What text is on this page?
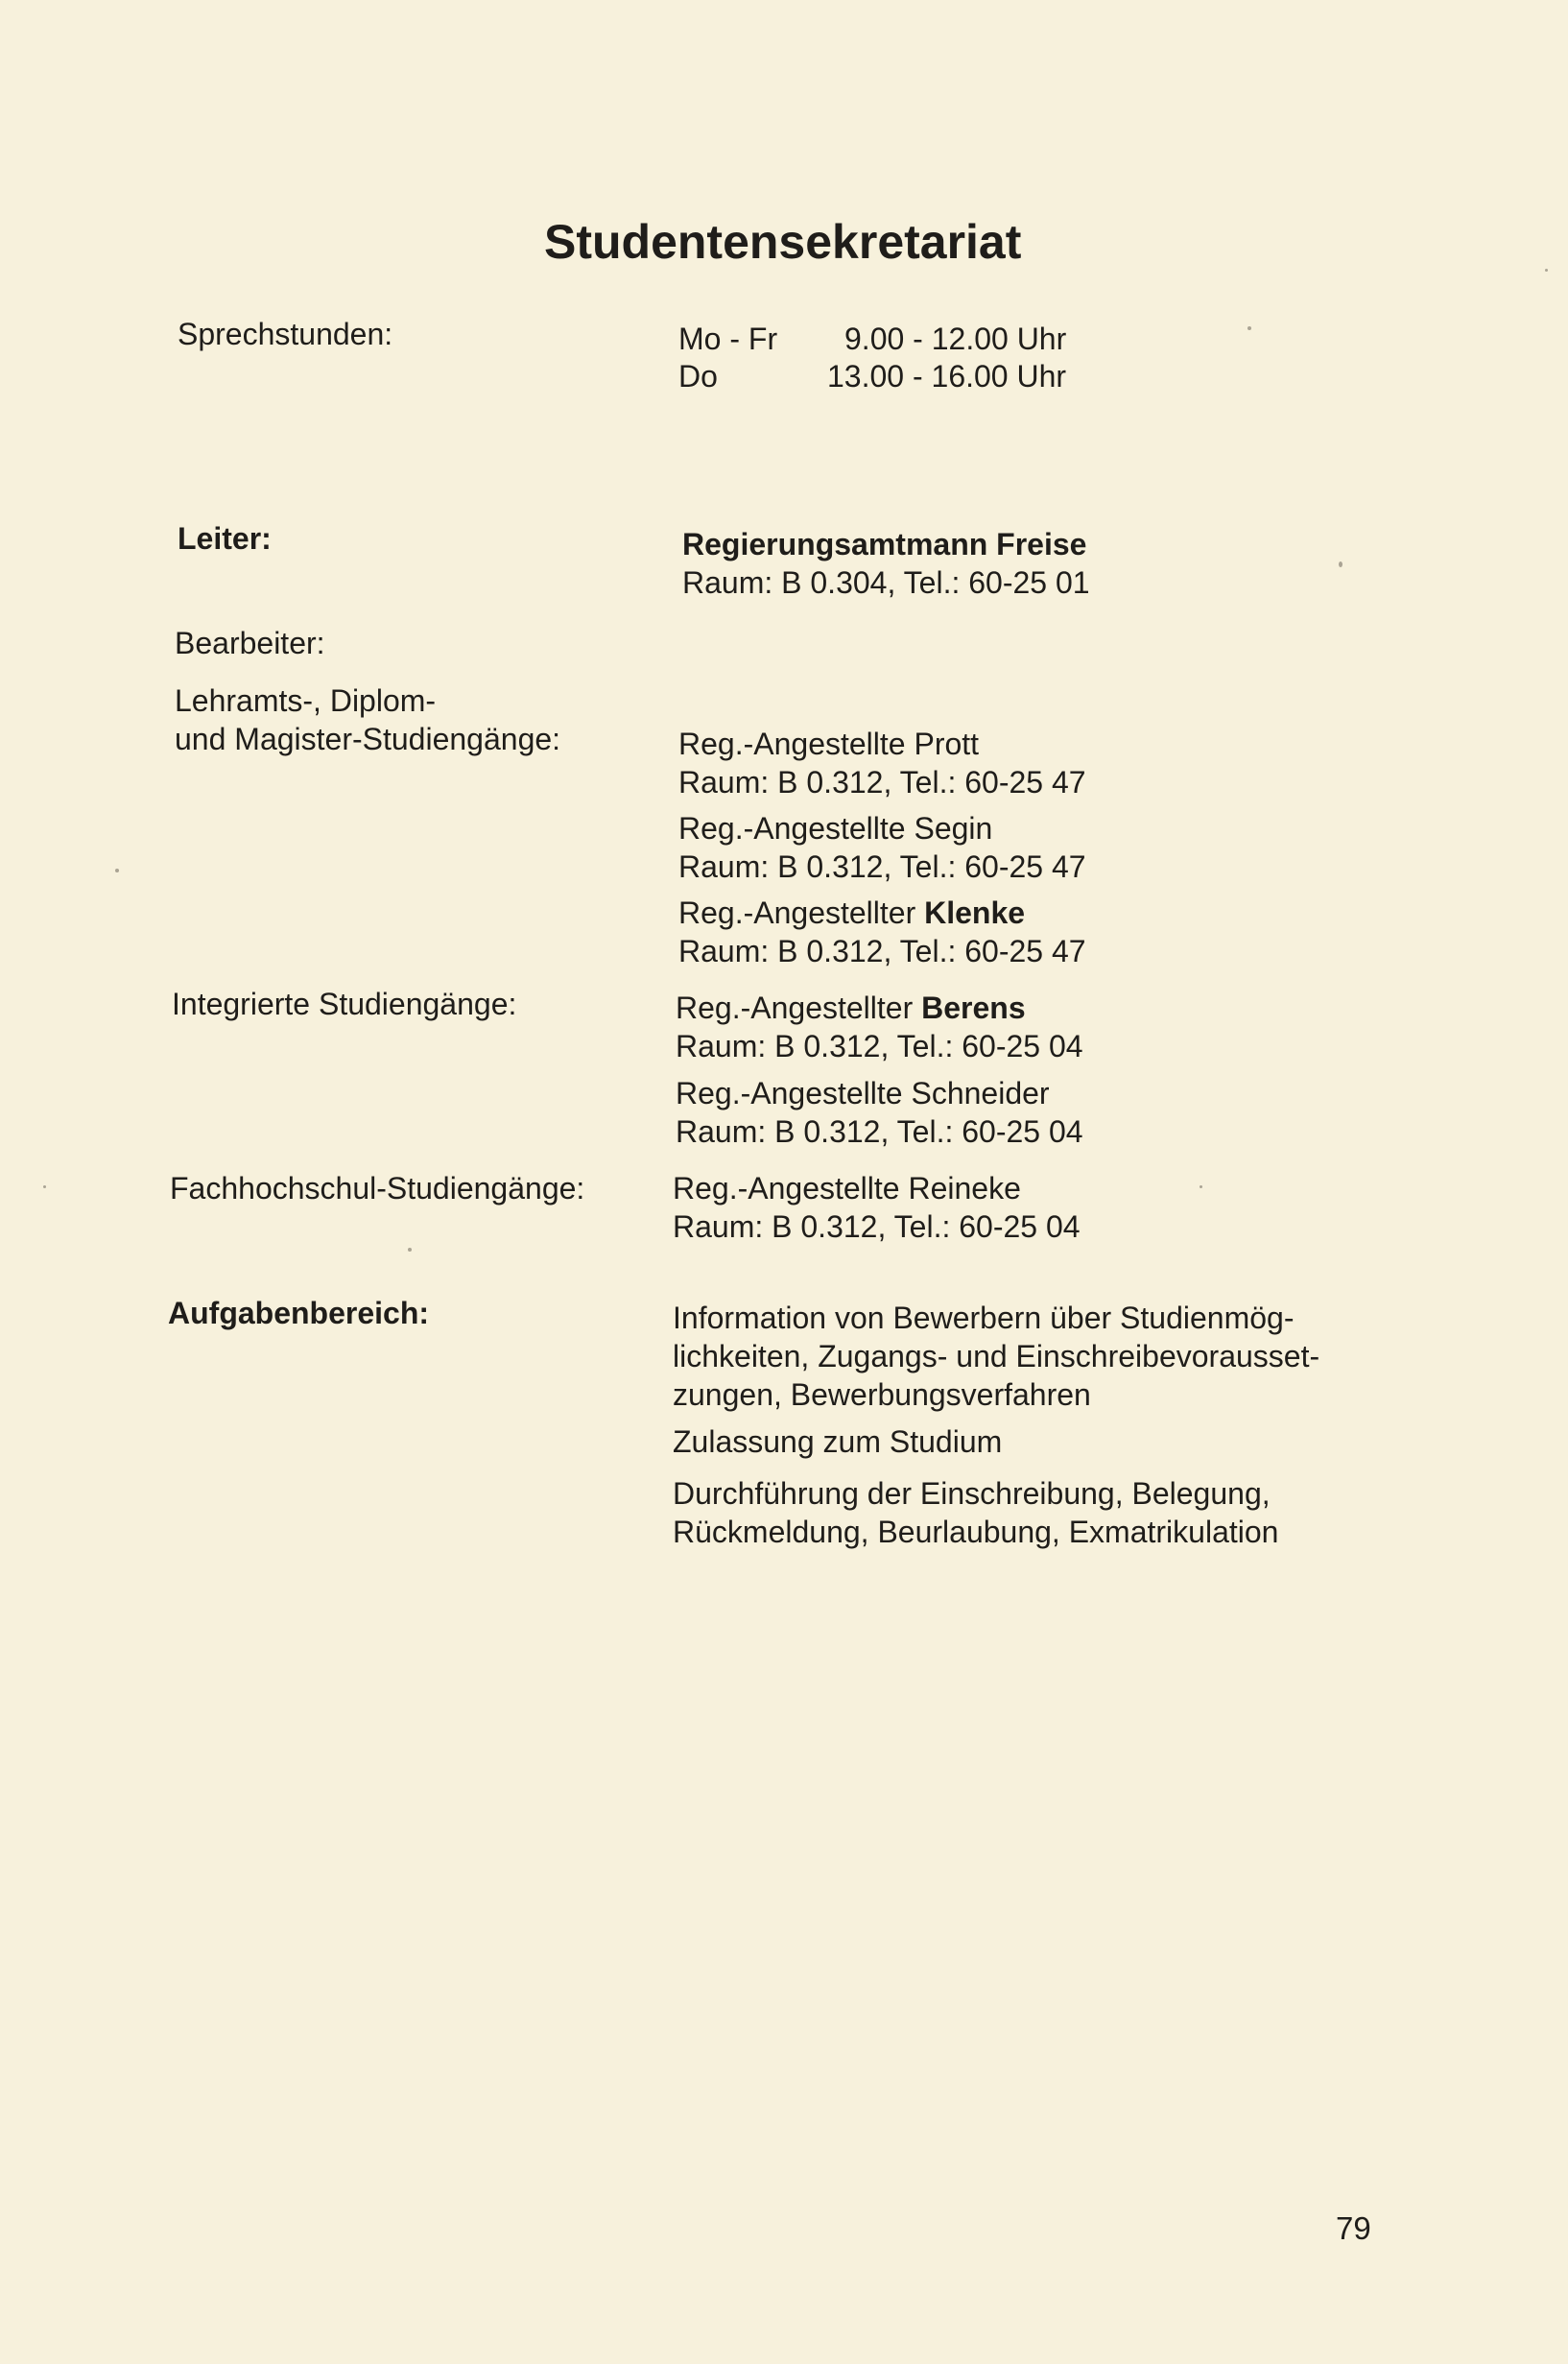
Studentensekretariat
Sprechstunden:	Mo - Fr 9.00 - 12.00 Uhr
Do	13.00 - 16.00 Uhr
Leiter:	Regierungsamtmann Freise
Raum: B 0.304, Tel.: 60-25 01
Bearbeiter:
Lehramts-, Diplom-
und Magister-Studiengänge:	Reg.-Angestellte Prott
Raum: B 0.312, Tel.: 60-25 47
Reg.-Angestellte Segin
Raum: B 0.312, Tel.: 60-25 47
Reg.-Angestellter Klenke
Raum: B 0.312, Tel.: 60-25 47
Integrierte Studiengänge:	Reg.-Angestellter Berens
Raum: B 0.312, Tel.: 60-25 04
Reg.-Angestellte Schneider
Raum: B 0.312, Tel.: 60-25 04
Fachhochschul-Studiengänge:	Reg.-Angestellte Reineke
Raum: B 0.312, Tel.: 60-25 04
Aufgabenbereich:	Information von Bewerbern über Studienmög-
lichkeiten, Zugangs- und Einschreibevorausset-
zungen, Bewerbungsverfahren
Zulassung zum Studium
Durchführung der Einschreibung, Belegung,
Rückmeldung, Beurlaubung, Exmatrikulation
79
